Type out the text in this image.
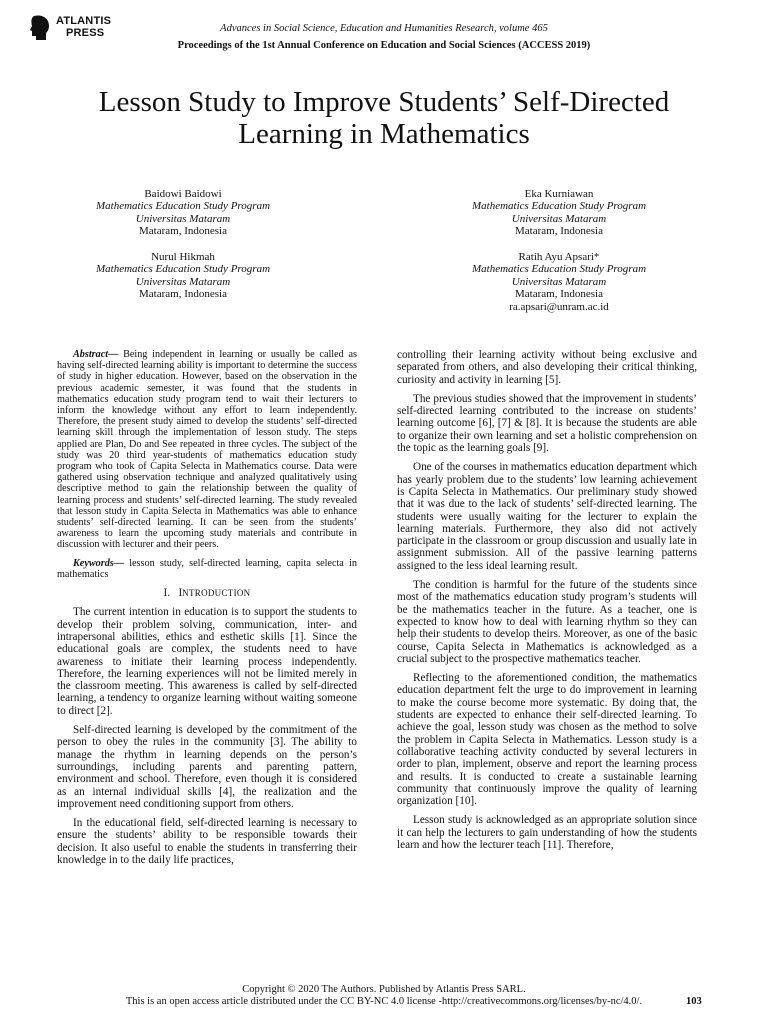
ATLANTIS
PRESS	Advances in Social Science, Education and Humanities Research, volume 465
Proceedings of the 1st Annual Conference on Education and Social Sciences (ACCESS 2019)
Lesson Study to Improve Students’ Self-Directed
Learning in Mathematics
Baidowi Baidowi
Mathematics Education Study Program
Universitas Mataram
Mataram, Indonesia
Eka Kurniawan
Mathematics Education Study Program
Universitas Mataram
Mataram, Indonesia
Nurul Hikmah
Mathematics Education Study Program
Universitas Mataram
Mataram, Indonesia
Ratih Ayu Apsari*
Mathematics Education Study Program
Universitas Mataram
Mataram, Indonesia
ra.apsari@unram.ac.id

Abstract— Being independent in learning or usually be called as having self-directed learning ability is important to determine the success of study in higher education. However, based on the observation in the previous academic semester, it was found that the students in mathematics education study program tend to wait their lecturers to inform the knowledge without any effort to learn independently. Therefore, the present study aimed to develop the students’ self-directed learning skill through the implementation of lesson study. The steps applied are Plan, Do and See repeated in three cycles. The subject of the study was 20 third year-students of mathematics education study program who took of Capita Selecta in Mathematics course. Data were gathered using observation technique and analyzed qualitatively using descriptive method to gain the relationship between the quality of learning process and students’ self-directed learning. The study revealed that lesson study in Capita Selecta in Mathematics was able to enhance students’ self-directed learning. It can be seen from the students’ awareness to learn the upcoming study materials and contribute in discussion with lecturer and their peers.

Keywords— lesson study, self-directed learning, capita selecta in mathematics

I. INTRODUCTION

The current intention in education is to support the students to develop their problem solving, communication, inter- and intrapersonal abilities, ethics and esthetic skills [1]. Since the educational goals are complex, the students need to have awareness to initiate their learning process independently. Therefore, the learning experiences will not be limited merely in the classroom meeting. This awareness is called by self-directed learning, a tendency to organize learning without waiting someone to direct [2].

Self-directed learning is developed by the commitment of the person to obey the rules in the community [3]. The ability to manage the rhythm in learning depends on the person’s surroundings, including parents and parenting pattern, environment and school. Therefore, even though it is considered as an internal individual skills [4], the realization and the improvement need conditioning support from others.

In the educational field, self-directed learning is necessary to ensure the students’ ability to be responsible towards their decision. It also useful to enable the students in transferring their knowledge in to the daily life practices,

controlling their learning activity without being exclusive and separated from others, and also developing their critical thinking, curiosity and activity in learning [5].

The previous studies showed that the improvement in students’ self-directed learning contributed to the increase on students’ learning outcome [6], [7] & [8]. It is because the students are able to organize their own learning and set a holistic comprehension on the topic as the learning goals [9].

One of the courses in mathematics education department which has yearly problem due to the students’ low learning achievement is Capita Selecta in Mathematics. Our preliminary study showed that it was due to the lack of students’ self-directed learning. The students were usually waiting for the lecturer to explain the learning materials. Furthermore, they also did not actively participate in the classroom or group discussion and usually late in assignment submission. All of the passive learning patterns assigned to the less ideal learning result.

The condition is harmful for the future of the students since most of the mathematics education study program’s students will be the mathematics teacher in the future. As a teacher, one is expected to know how to deal with learning rhythm so they can help their students to develop theirs. Moreover, as one of the basic course, Capita Selecta in Mathematics is acknowledged as a crucial subject to the prospective mathematics teacher.

Reflecting to the aforementioned condition, the mathematics education department felt the urge to do improvement in learning to make the course become more systematic. By doing that, the students are expected to enhance their self-directed learning. To achieve the goal, lesson study was chosen as the method to solve the problem in Capita Selecta in Mathematics. Lesson study is a collaborative teaching activity conducted by several lecturers in order to plan, implement, observe and report the learning process and results. It is conducted to create a sustainable learning community that continuously improve the quality of learning organization [10].

Lesson study is acknowledged as an appropriate solution since it can help the lecturers to gain understanding of how the students learn and how the lecturer teach [11]. Therefore,

Copyright © 2020 The Authors. Published by Atlantis Press SARL.
This is an open access article distributed under the CC BY-NC 4.0 license -http://creativecommons.org/licenses/by-nc/4.0/.	103
